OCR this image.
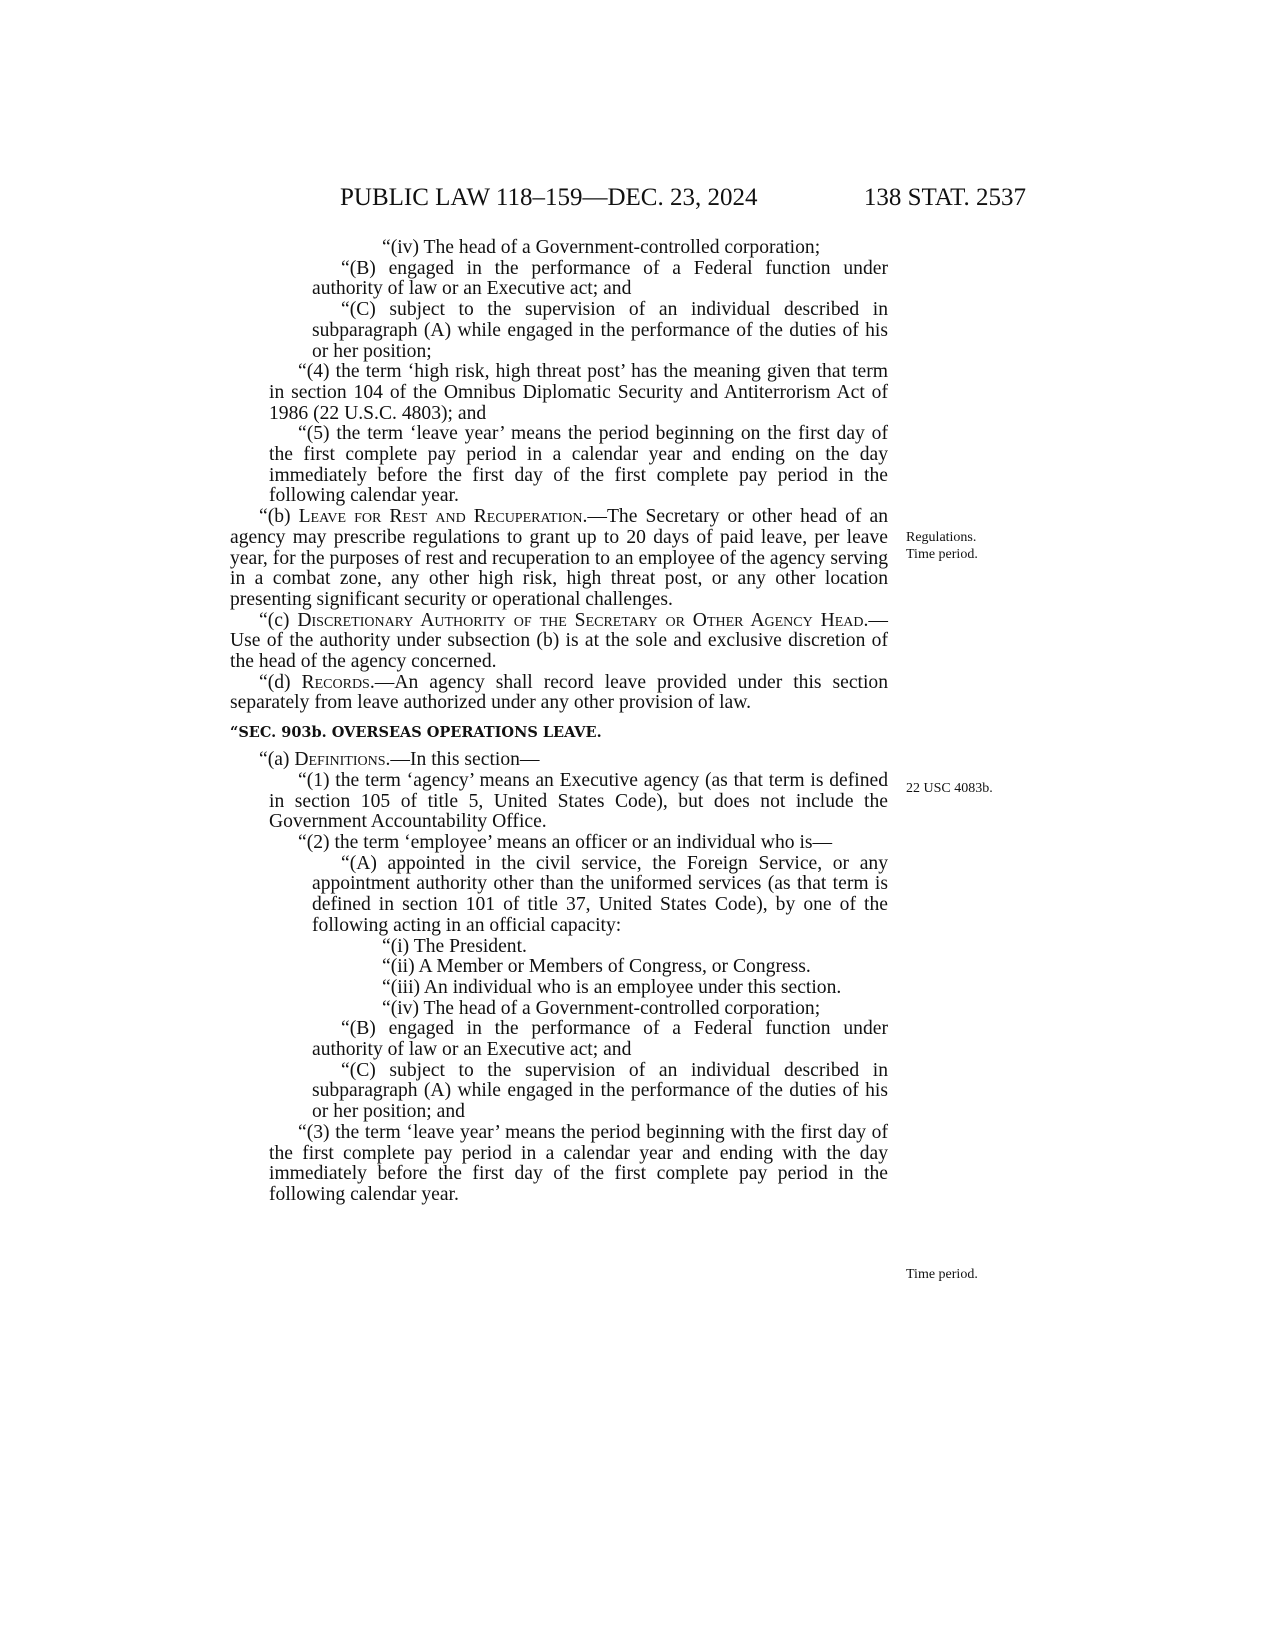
PUBLIC LAW 118–159—DEC. 23, 2024	138 STAT. 2537
Regulations.
Time period.
22 USC 4083b.
Time period.

“(iv) The head of a Government-controlled corporation;

“(B) engaged in the performance of a Federal function under authority of law or an Executive act; and

“(C) subject to the supervision of an individual described in subparagraph (A) while engaged in the performance of the duties of his or her position;

“(4) the term ‘high risk, high threat post’ has the meaning given that term in section 104 of the Omnibus Diplomatic Security and Antiterrorism Act of 1986 (22 U.S.C. 4803); and

“(5) the term ‘leave year’ means the period beginning on the first day of the first complete pay period in a calendar year and ending on the day immediately before the first day of the first complete pay period in the following calendar year.

“(b) Leave for Rest and Recuperation.—The Secretary or other head of an agency may prescribe regulations to grant up to 20 days of paid leave, per leave year, for the purposes of rest and recuperation to an employee of the agency serving in a combat zone, any other high risk, high threat post, or any other location presenting significant security or operational challenges.

“(c) Discretionary Authority of the Secretary or Other Agency Head.—Use of the authority under subsection (b) is at the sole and exclusive discretion of the head of the agency concerned.

“(d) Records.—An agency shall record leave provided under this section separately from leave authorized under any other provision of law.

“SEC. 903b. OVERSEAS OPERATIONS LEAVE.

“(a) Definitions.—In this section—

“(1) the term ‘agency’ means an Executive agency (as that term is defined in section 105 of title 5, United States Code), but does not include the Government Accountability Office.

“(2) the term ‘employee’ means an officer or an individual who is—

“(A) appointed in the civil service, the Foreign Service, or any appointment authority other than the uniformed services (as that term is defined in section 101 of title 37, United States Code), by one of the following acting in an official capacity:

“(i) The President.

“(ii) A Member or Members of Congress, or Congress.

“(iii) An individual who is an employee under this section.

“(iv) The head of a Government-controlled corporation;

“(B) engaged in the performance of a Federal function under authority of law or an Executive act; and

“(C) subject to the supervision of an individual described in subparagraph (A) while engaged in the performance of the duties of his or her position; and

“(3) the term ‘leave year’ means the period beginning with the first day of the first complete pay period in a calendar year and ending with the day immediately before the first day of the first complete pay period in the following calendar year.
